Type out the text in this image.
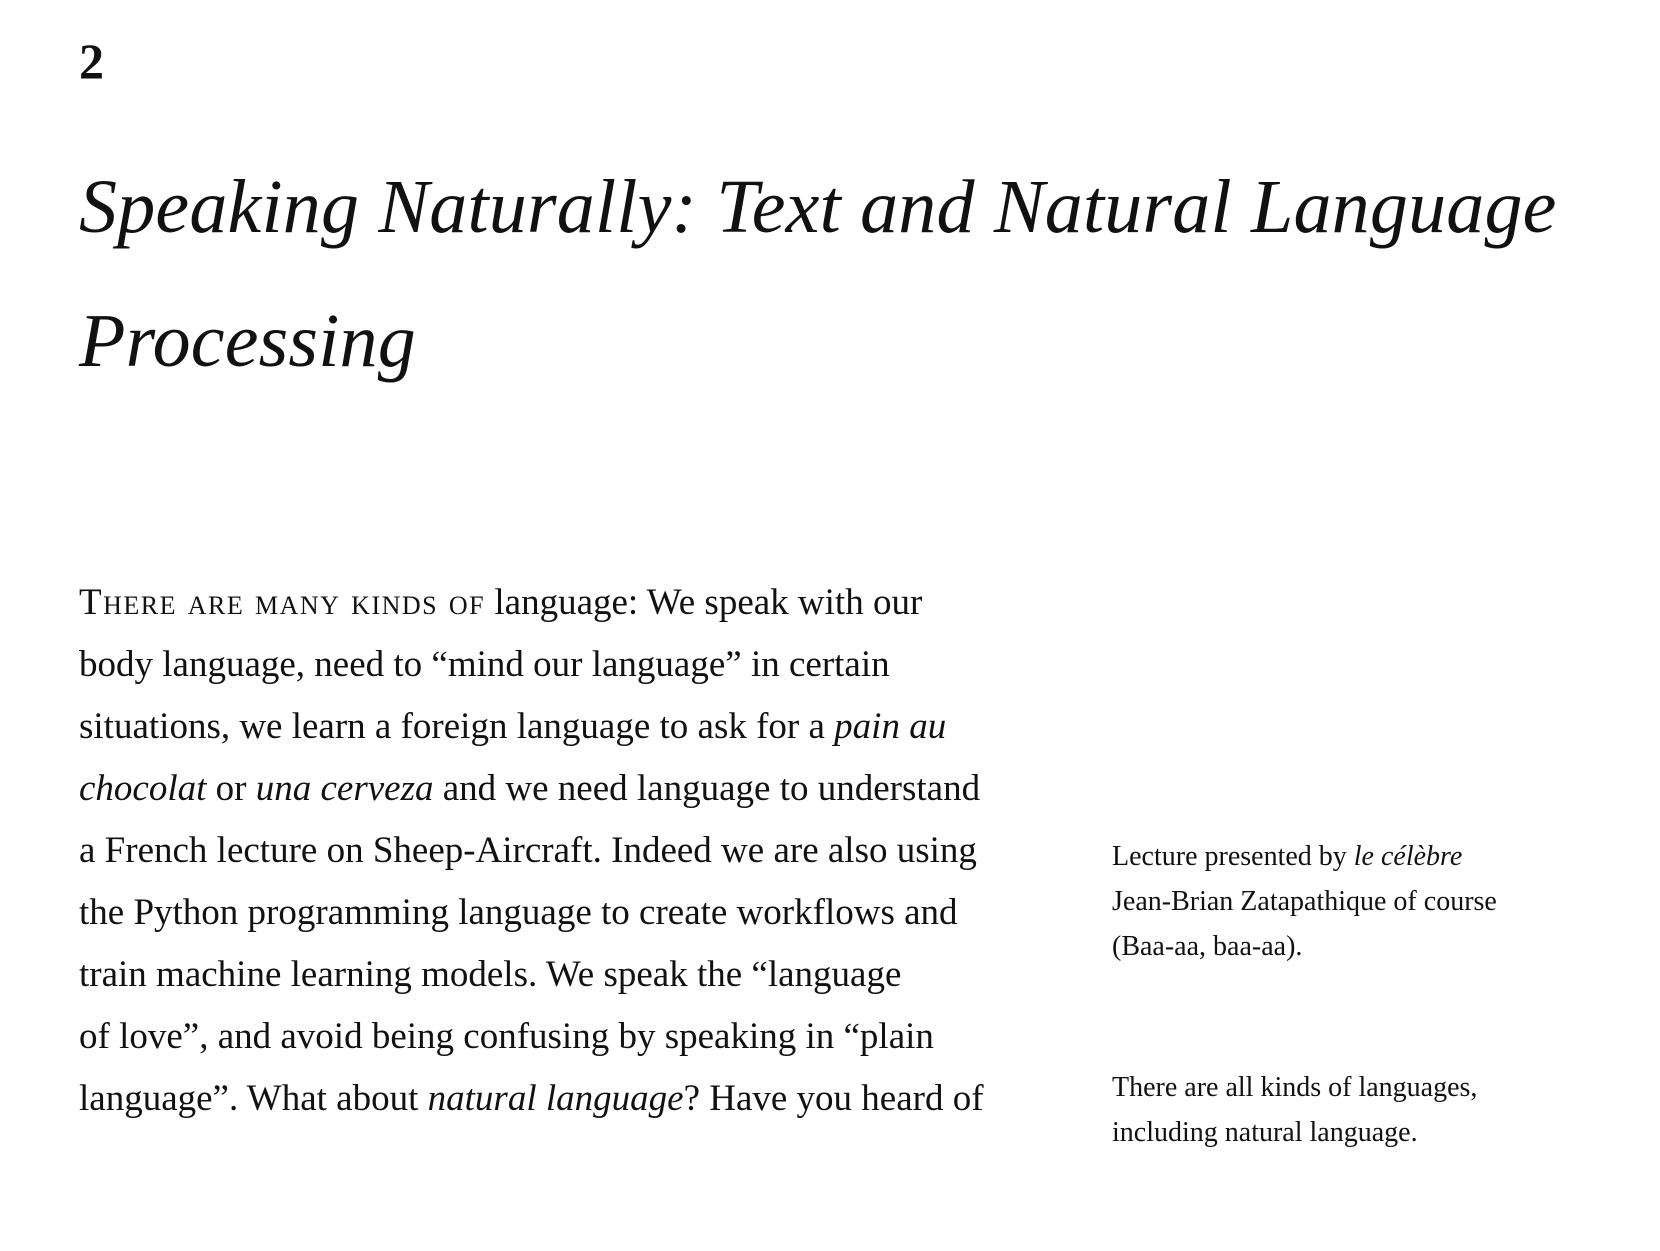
2
Speaking Naturally: Text and Natural Language Processing
There are many kinds of language: We speak with our
body language, need to “mind our language” in certain
situations, we learn a foreign language to ask for a pain au
chocolat or una cerveza and we need language to understand
a French lecture on Sheep-Aircraft. Indeed we are also using
the Python programming language to create workflows and
train machine learning models. We speak the “language
of love”, and avoid being confusing by speaking in “plain
language”. What about natural language? Have you heard of
Lecture presented by le célèbre
Jean-Brian Zatapathique of course
(Baa-aa, baa-aa).
There are all kinds of languages,
including natural language.
